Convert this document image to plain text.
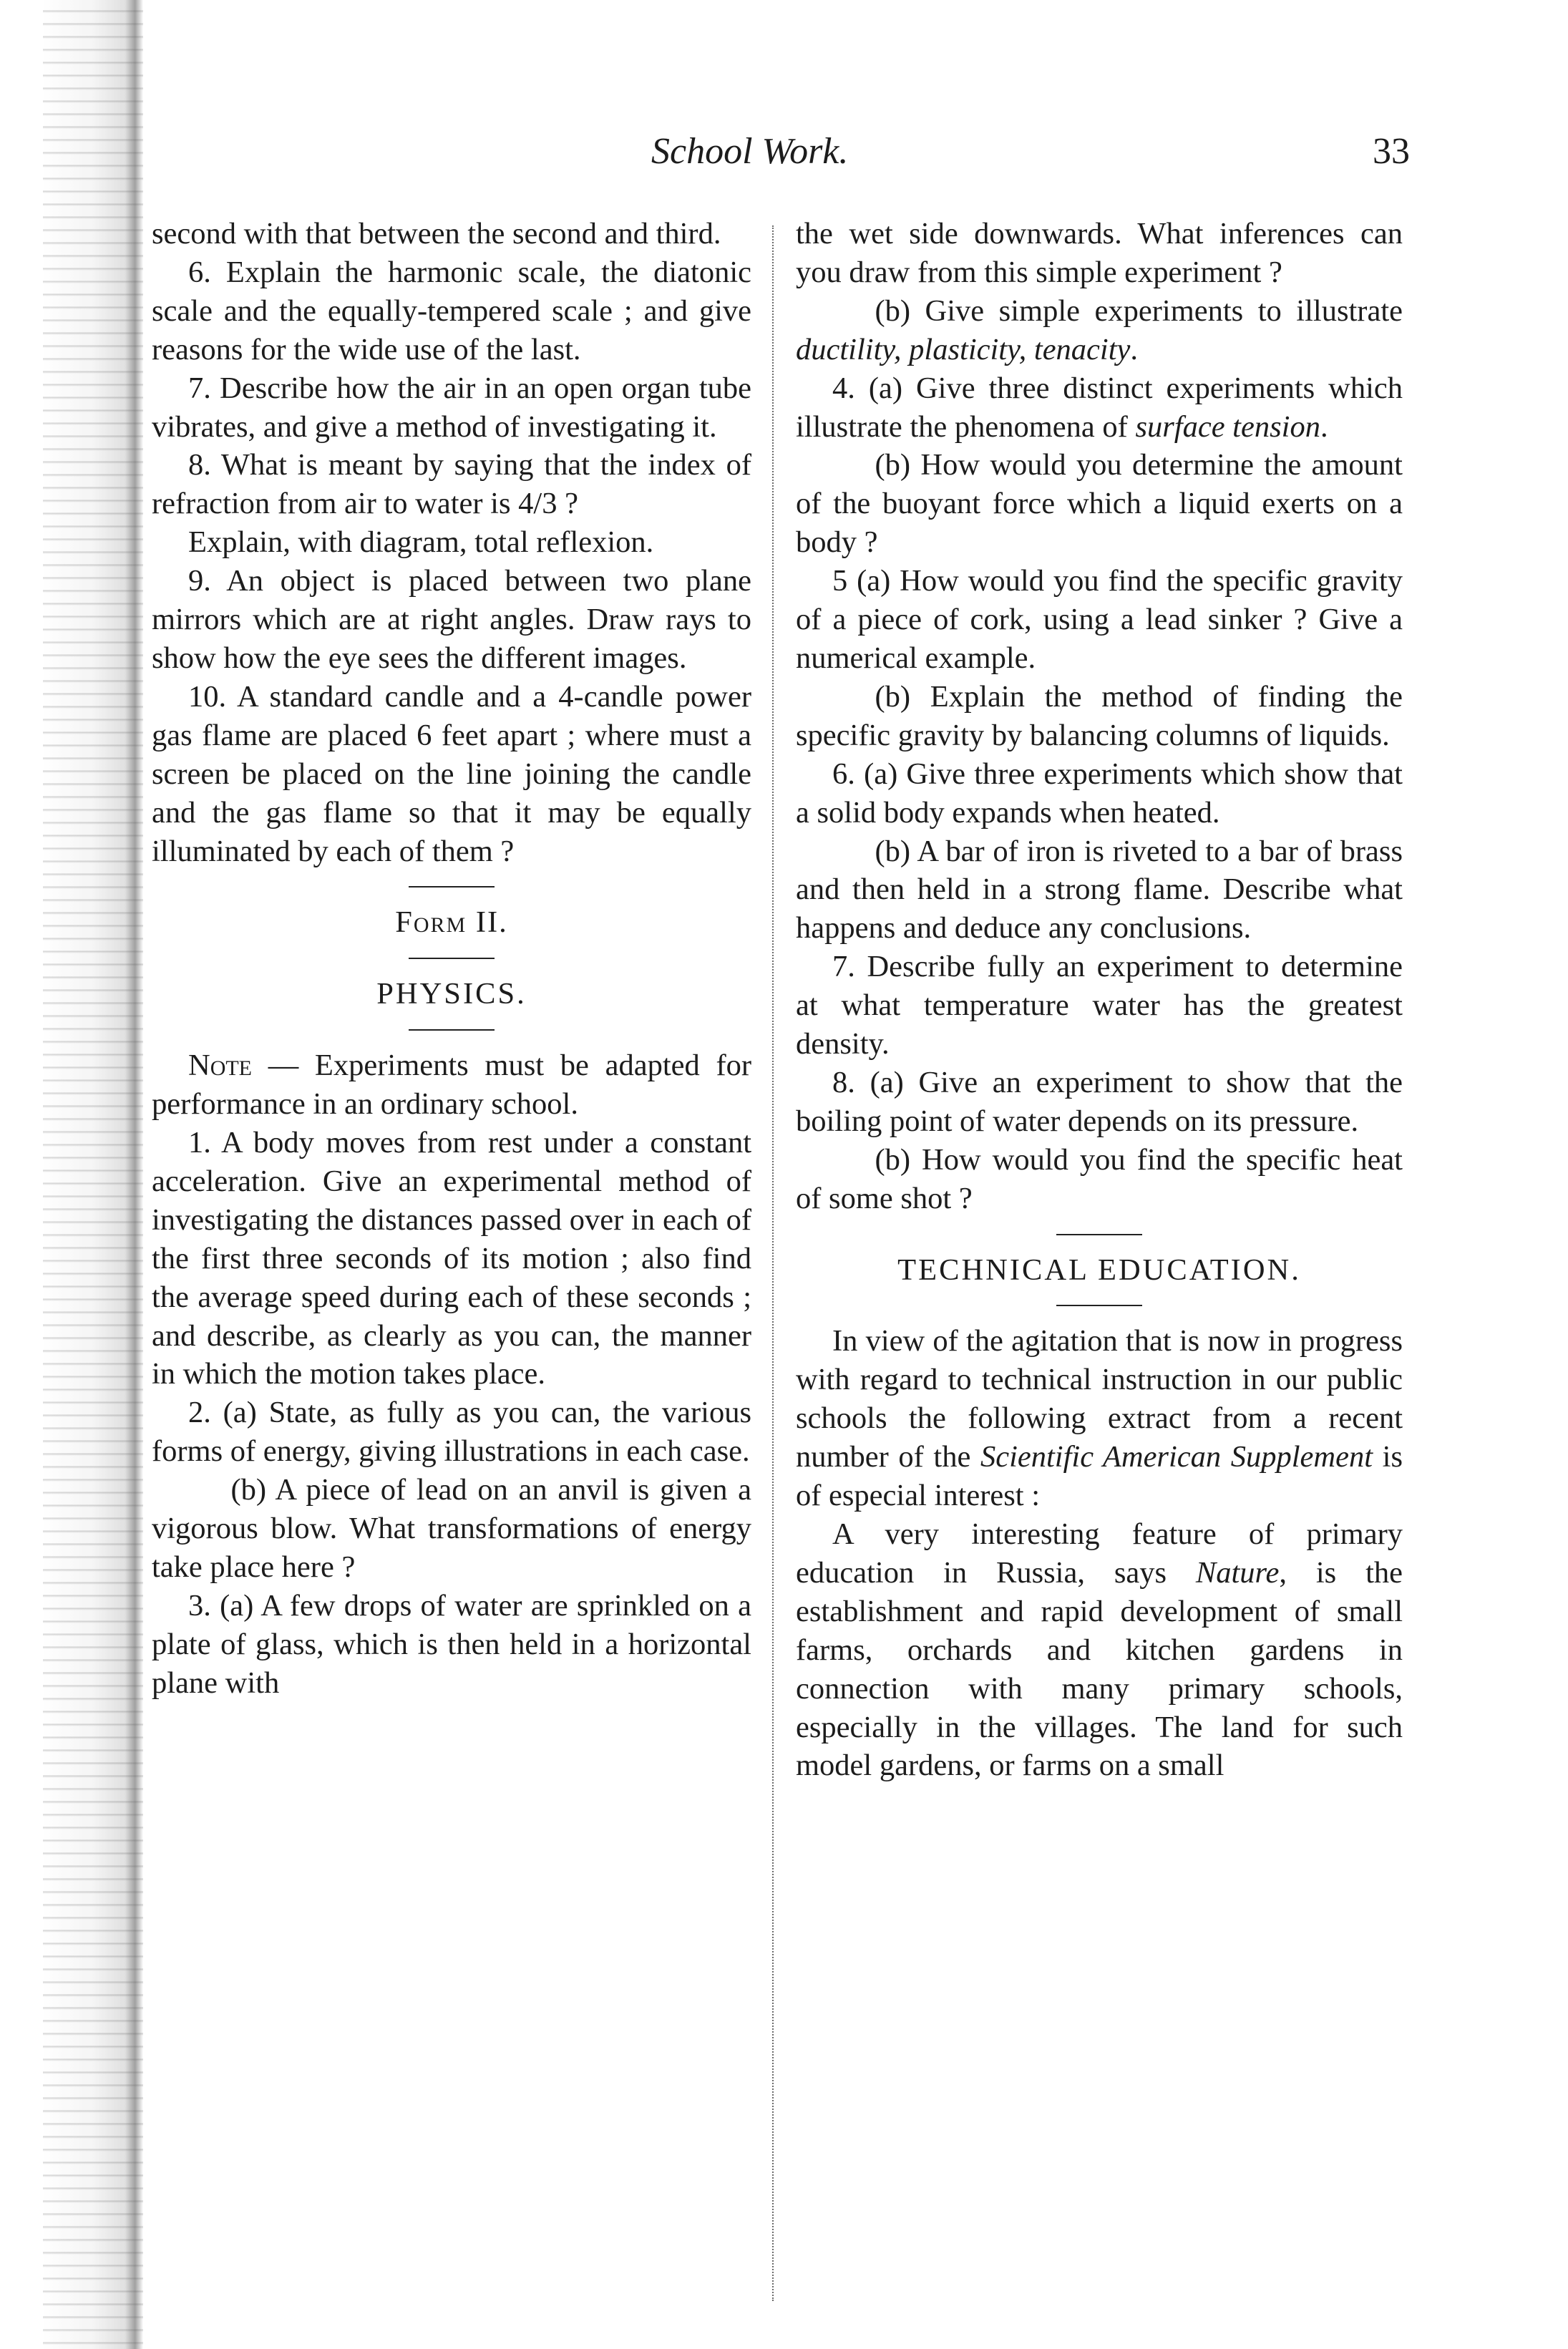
School Work.	33

second with that between the second and third.

6. Explain the harmonic scale, the diatonic scale and the equally-tempered scale ; and give reasons for the wide use of the last.

7. Describe how the air in an open organ tube vibrates, and give a method of investigating it.

8. What is meant by saying that the index of refraction from air to water is 4/3 ?

Explain, with diagram, total reflexion.

9. An object is placed between two plane mirrors which are at right angles. Draw rays to show how the eye sees the different images.

10. A standard candle and a 4-candle power gas flame are placed 6 feet apart ; where must a screen be placed on the line joining the candle and the gas flame so that it may be equally illuminated by each of them ?

Form II.

PHYSICS.

Note — Experiments must be adapted for performance in an ordinary school.

1. A body moves from rest under a constant acceleration. Give an experimental method of investigating the distances passed over in each of the first three seconds of its motion ; also find the average speed during each of these seconds ; and describe, as clearly as you can, the manner in which the motion takes place.

2. (a) State, as fully as you can, the various forms of energy, giving illustrations in each case.

(b) A piece of lead on an anvil is given a vigorous blow. What transformations of energy take place here ?

3. (a) A few drops of water are sprinkled on a plate of glass, which is then held in a horizontal plane with

the wet side downwards. What inferences can you draw from this simple experiment ?

(b) Give simple experiments to illustrate ductility, plasticity, tenacity.

4. (a) Give three distinct experiments which illustrate the phenomena of surface tension.

(b) How would you determine the amount of the buoyant force which a liquid exerts on a body ?

5 (a) How would you find the specific gravity of a piece of cork, using a lead sinker ? Give a numerical example.

(b) Explain the method of finding the specific gravity by balancing columns of liquids.

6. (a) Give three experiments which show that a solid body expands when heated.

(b) A bar of iron is riveted to a bar of brass and then held in a strong flame. Describe what happens and deduce any conclusions.

7. Describe fully an experiment to determine at what temperature water has the greatest density.

8. (a) Give an experiment to show that the boiling point of water depends on its pressure.

(b) How would you find the specific heat of some shot ?

TECHNICAL EDUCATION.

In view of the agitation that is now in progress with regard to technical instruction in our public schools the following extract from a recent number of the Scientific American Supplement is of especial interest :

A very interesting feature of primary education in Russia, says Nature, is the establishment and rapid development of small farms, orchards and kitchen gardens in connection with many primary schools, especially in the villages. The land for such model gardens, or farms on a small
